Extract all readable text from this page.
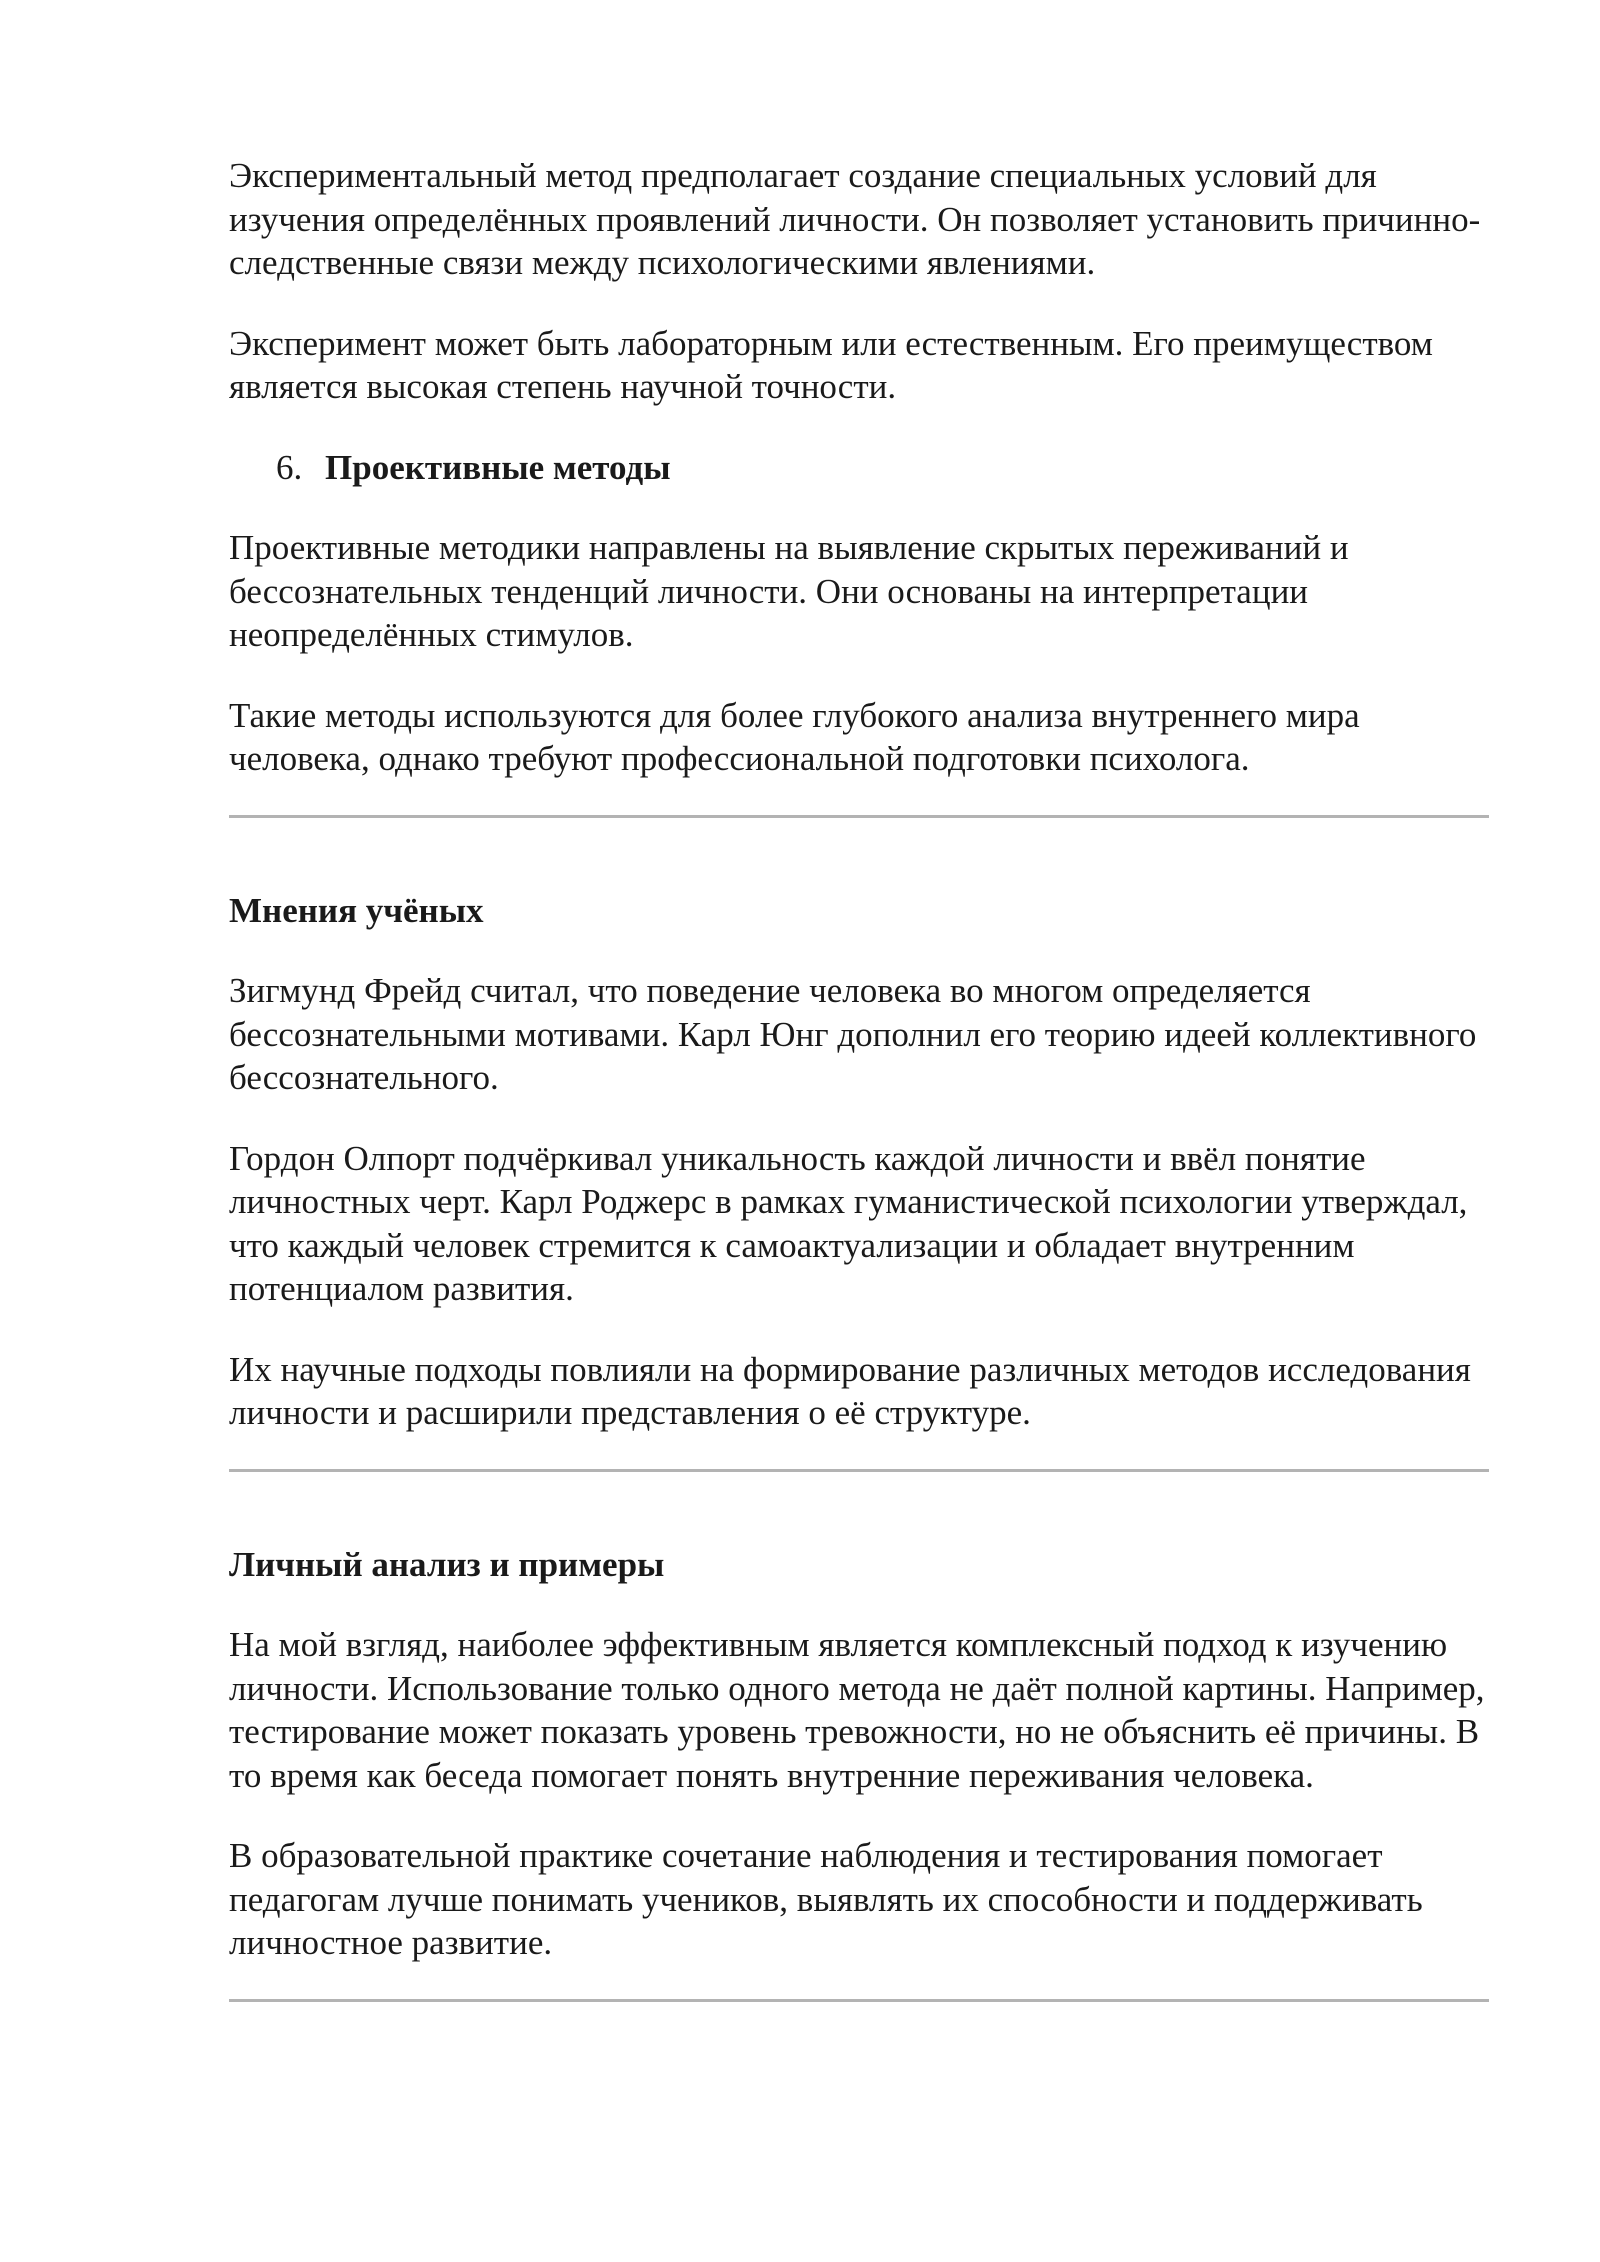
Экспериментальный метод предполагает создание специальных условий для изучения определённых проявлений личности. Он позволяет установить причинно-следственные связи между психологическими явлениями.

Эксперимент может быть лабораторным или естественным. Его преимуществом является высокая степень научной точности.

6. Проективные методы

Проективные методики направлены на выявление скрытых переживаний и бессознательных тенденций личности. Они основаны на интерпретации неопределённых стимулов.

Такие методы используются для более глубокого анализа внутреннего мира человека, однако требуют профессиональной подготовки психолога.

Мнения учёных

Зигмунд Фрейд считал, что поведение человека во многом определяется бессознательными мотивами. Карл Юнг дополнил его теорию идеей коллективного бессознательного.

Гордон Олпорт подчёркивал уникальность каждой личности и ввёл понятие личностных черт. Карл Роджерс в рамках гуманистической психологии утверждал, что каждый человек стремится к самоактуализации и обладает внутренним потенциалом развития.

Их научные подходы повлияли на формирование различных методов исследования личности и расширили представления о её структуре.

Личный анализ и примеры

На мой взгляд, наиболее эффективным является комплексный подход к изучению личности. Использование только одного метода не даёт полной картины. Например, тестирование может показать уровень тревожности, но не объяснить её причины. В то время как беседа помогает понять внутренние переживания человека.

В образовательной практике сочетание наблюдения и тестирования помогает педагогам лучше понимать учеников, выявлять их способности и поддерживать личностное развитие.
